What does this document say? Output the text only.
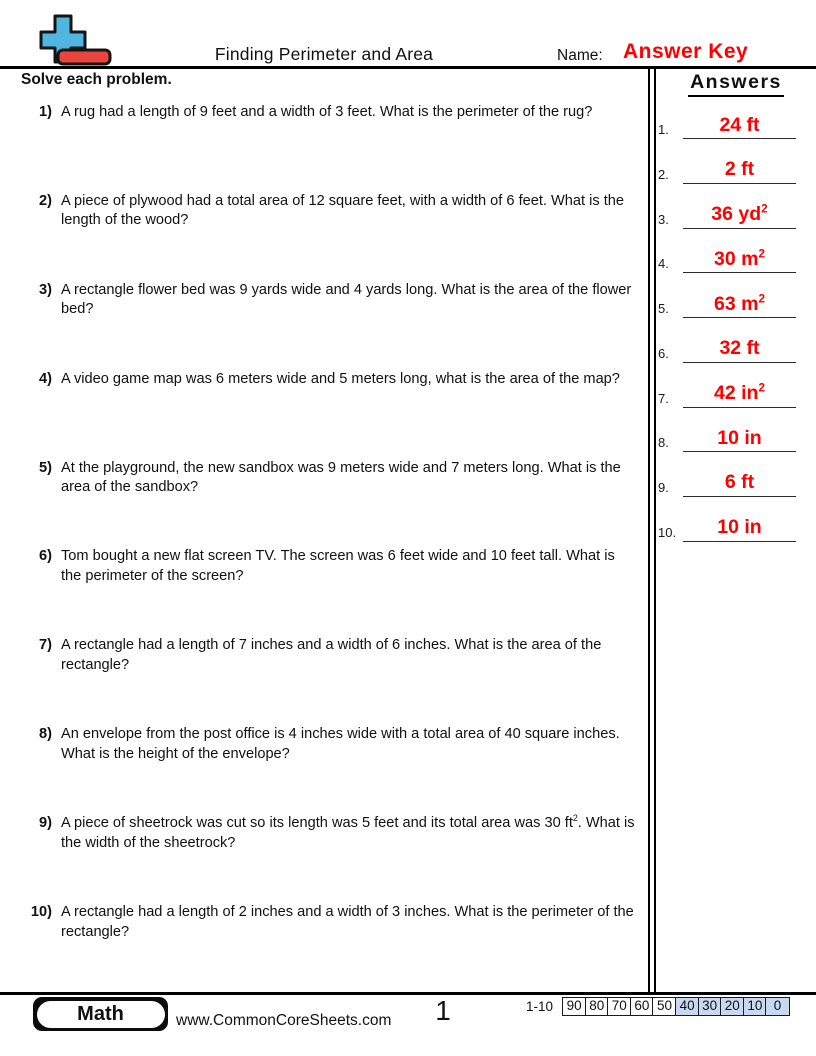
Finding Perimeter and Area	Name: Answer Key
Solve each problem.
1) A rug had a length of 9 feet and a width of 3 feet. What is the perimeter of the rug?
2) A piece of plywood had a total area of 12 square feet, with a width of 6 feet. What is the length of the wood?
3) A rectangle flower bed was 9 yards wide and 4 yards long. What is the area of the flower bed?
4) A video game map was 6 meters wide and 5 meters long, what is the area of the map?
5) At the playground, the new sandbox was 9 meters wide and 7 meters long. What is the area of the sandbox?
6) Tom bought a new flat screen TV. The screen was 6 feet wide and 10 feet tall. What is the perimeter of the screen?
7) A rectangle had a length of 7 inches and a width of 6 inches. What is the area of the rectangle?
8) An envelope from the post office is 4 inches wide with a total area of 40 square inches. What is the height of the envelope?
9) A piece of sheetrock was cut so its length was 5 feet and its total area was 30 $ft^2$. What is the width of the sheetrock?
10) A rectangle had a length of 2 inches and a width of 3 inches. What is the perimeter of the rectangle?
Answers
1.	24 ft
2.	2 ft
3.	36 $yd^2$
4.	30 $m^2$
5.	63 $m^2$
6.	32 ft
7.	42 $in^2$
8.	10 in
9.	6 ft
10.	10 in
Math	www.CommonCoreSheets.com	1	1-10	90 80 70 60 50 40 30 20 10 0
